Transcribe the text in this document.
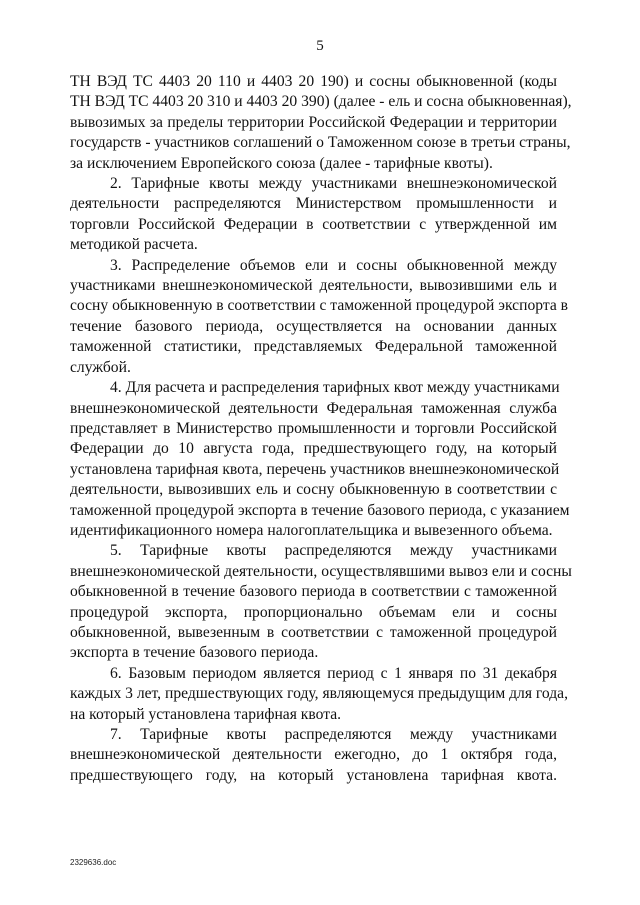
5
ТН ВЭД ТС 4403 20 110 и 4403 20 190) и сосны обыкновенной (коды
ТН ВЭД ТС 4403 20 310 и 4403 20 390) (далее - ель и сосна обыкновенная),
вывозимых за пределы территории Российской Федерации и территории
государств - участников соглашений о Таможенном союзе в третьи страны,
за исключением Европейского союза (далее - тарифные квоты).
2. Тарифные квоты между участниками внешнеэкономической
деятельности распределяются Министерством промышленности и
торговли Российской Федерации в соответствии с утвержденной им
методикой расчета.
3. Распределение объемов ели и сосны обыкновенной между
участниками внешнеэкономической деятельности, вывозившими ель и
сосну обыкновенную в соответствии с таможенной процедурой экспорта в
течение базового периода, осуществляется на основании данных
таможенной статистики, представляемых Федеральной таможенной
службой.
4. Для расчета и распределения тарифных квот между участниками
внешнеэкономической деятельности Федеральная таможенная служба
представляет в Министерство промышленности и торговли Российской
Федерации до 10 августа года, предшествующего году, на который
установлена тарифная квота, перечень участников внешнеэкономической
деятельности, вывозивших ель и сосну обыкновенную в соответствии с
таможенной процедурой экспорта в течение базового периода, с указанием
идентификационного номера налогоплательщика и вывезенного объема.
5. Тарифные квоты распределяются между участниками
внешнеэкономической деятельности, осуществлявшими вывоз ели и сосны
обыкновенной в течение базового периода в соответствии с таможенной
процедурой экспорта, пропорционально объемам ели и сосны
обыкновенной, вывезенным в соответствии с таможенной процедурой
экспорта в течение базового периода.
6. Базовым периодом является период с 1 января по 31 декабря
каждых 3 лет, предшествующих году, являющемуся предыдущим для года,
на который установлена тарифная квота.
7. Тарифные квоты распределяются между участниками
внешнеэкономической деятельности ежегодно, до 1 октября года,
предшествующего году, на который установлена тарифная квота.
2329636.doc
